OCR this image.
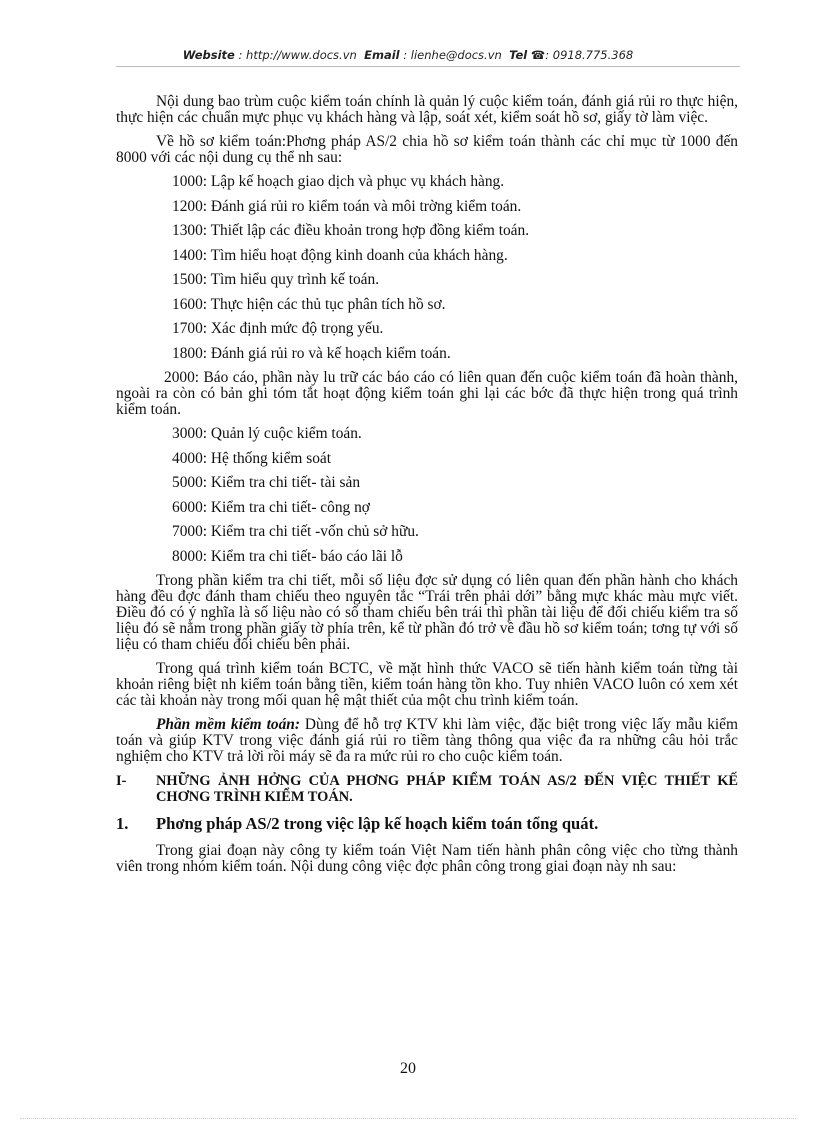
Website : http://www.docs.vn Email : lienhe@docs.vn Tel ☎: 0918.775.368

Nội dung bao trùm cuộc kiểm toán chính là quản lý cuộc kiểm toán, đánh giá rủi ro thực hiện, thực hiện các chuẩn mực phục vụ khách hàng và lập, soát xét, kiểm soát hồ sơ, giấy tờ làm việc.

Về hồ sơ kiểm toán:Phơng pháp AS/2 chia hồ sơ kiểm toán thành các chỉ mục từ 1000 đến 8000 với các nội dung cụ thể nh sau:

1000: Lập kế hoạch giao dịch và phục vụ khách hàng.
1200: Đánh giá rủi ro kiểm toán và môi trờng kiểm toán.
1300: Thiết lập các điều khoản trong hợp đồng kiểm toán.
1400: Tìm hiểu hoạt động kinh doanh của khách hàng.
1500: Tìm hiểu quy trình kế toán.
1600: Thực hiện các thủ tục phân tích hồ sơ.
1700: Xác định mức độ trọng yếu.
1800: Đánh giá rủi ro và kế hoạch kiểm toán.

2000: Báo cáo, phần này lu trữ các báo cáo có liên quan đến cuộc kiểm toán đã hoàn thành, ngoài ra còn có bản ghi tóm tắt hoạt động kiểm toán ghi lại các bớc đã thực hiện trong quá trình kiểm toán.

3000: Quản lý cuộc kiểm toán.
4000: Hệ thống kiểm soát
5000: Kiểm tra chi tiết- tài sản
6000: Kiểm tra chi tiết- công nợ
7000: Kiểm tra chi tiết -vốn chủ sở hữu.
8000: Kiểm tra chi tiết- báo cáo lãi lỗ

Trong phần kiểm tra chi tiết, mỗi số liệu đợc sử dụng có liên quan đến phần hành cho khách hàng đều đợc đánh tham chiếu theo nguyên tắc “Trái trên phải dới” bằng mực khác màu mực viết. Điều đó có ý nghĩa là số liệu nào có số tham chiếu bên trái thì phần tài liệu để đối chiếu kiểm tra số liệu đó sẽ nằm trong phần giấy tờ phía trên, kể từ phần đó trở về đầu hồ sơ kiểm toán; tơng tự với số liệu có tham chiếu đối chiếu bên phải.

Trong quá trình kiểm toán BCTC, về mặt hình thức VACO sẽ tiến hành kiểm toán từng tài khoản riêng biệt nh kiểm toán bằng tiền, kiểm toán hàng tồn kho. Tuy nhiên VACO luôn có xem xét các tài khoản này trong mối quan hệ mật thiết của một chu trình kiểm toán.

Phần mềm kiểm toán: Dùng để hỗ trợ KTV khi làm việc, đặc biệt trong việc lấy mẫu kiểm toán và giúp KTV trong việc đánh giá rủi ro tiềm tàng thông qua việc đa ra những câu hỏi trắc nghiệm cho KTV trả lời rồi máy sẽ đa ra mức rủi ro cho cuộc kiểm toán.

I-	NHỮNG ẢNH HỞNG CỦA PHƠNG PHÁP KIỂM TOÁN AS/2 ĐẾN VIỆC THIẾT KẾ CHƠNG TRÌNH KIỂM TOÁN.
1.	Phơng pháp AS/2 trong việc lập kế hoạch kiểm toán tổng quát.

Trong giai đoạn này công ty kiểm toán Việt Nam tiến hành phân công việc cho từng thành viên trong nhóm kiểm toán. Nội dung công việc đợc phân công trong giai đoạn này nh sau:

20
